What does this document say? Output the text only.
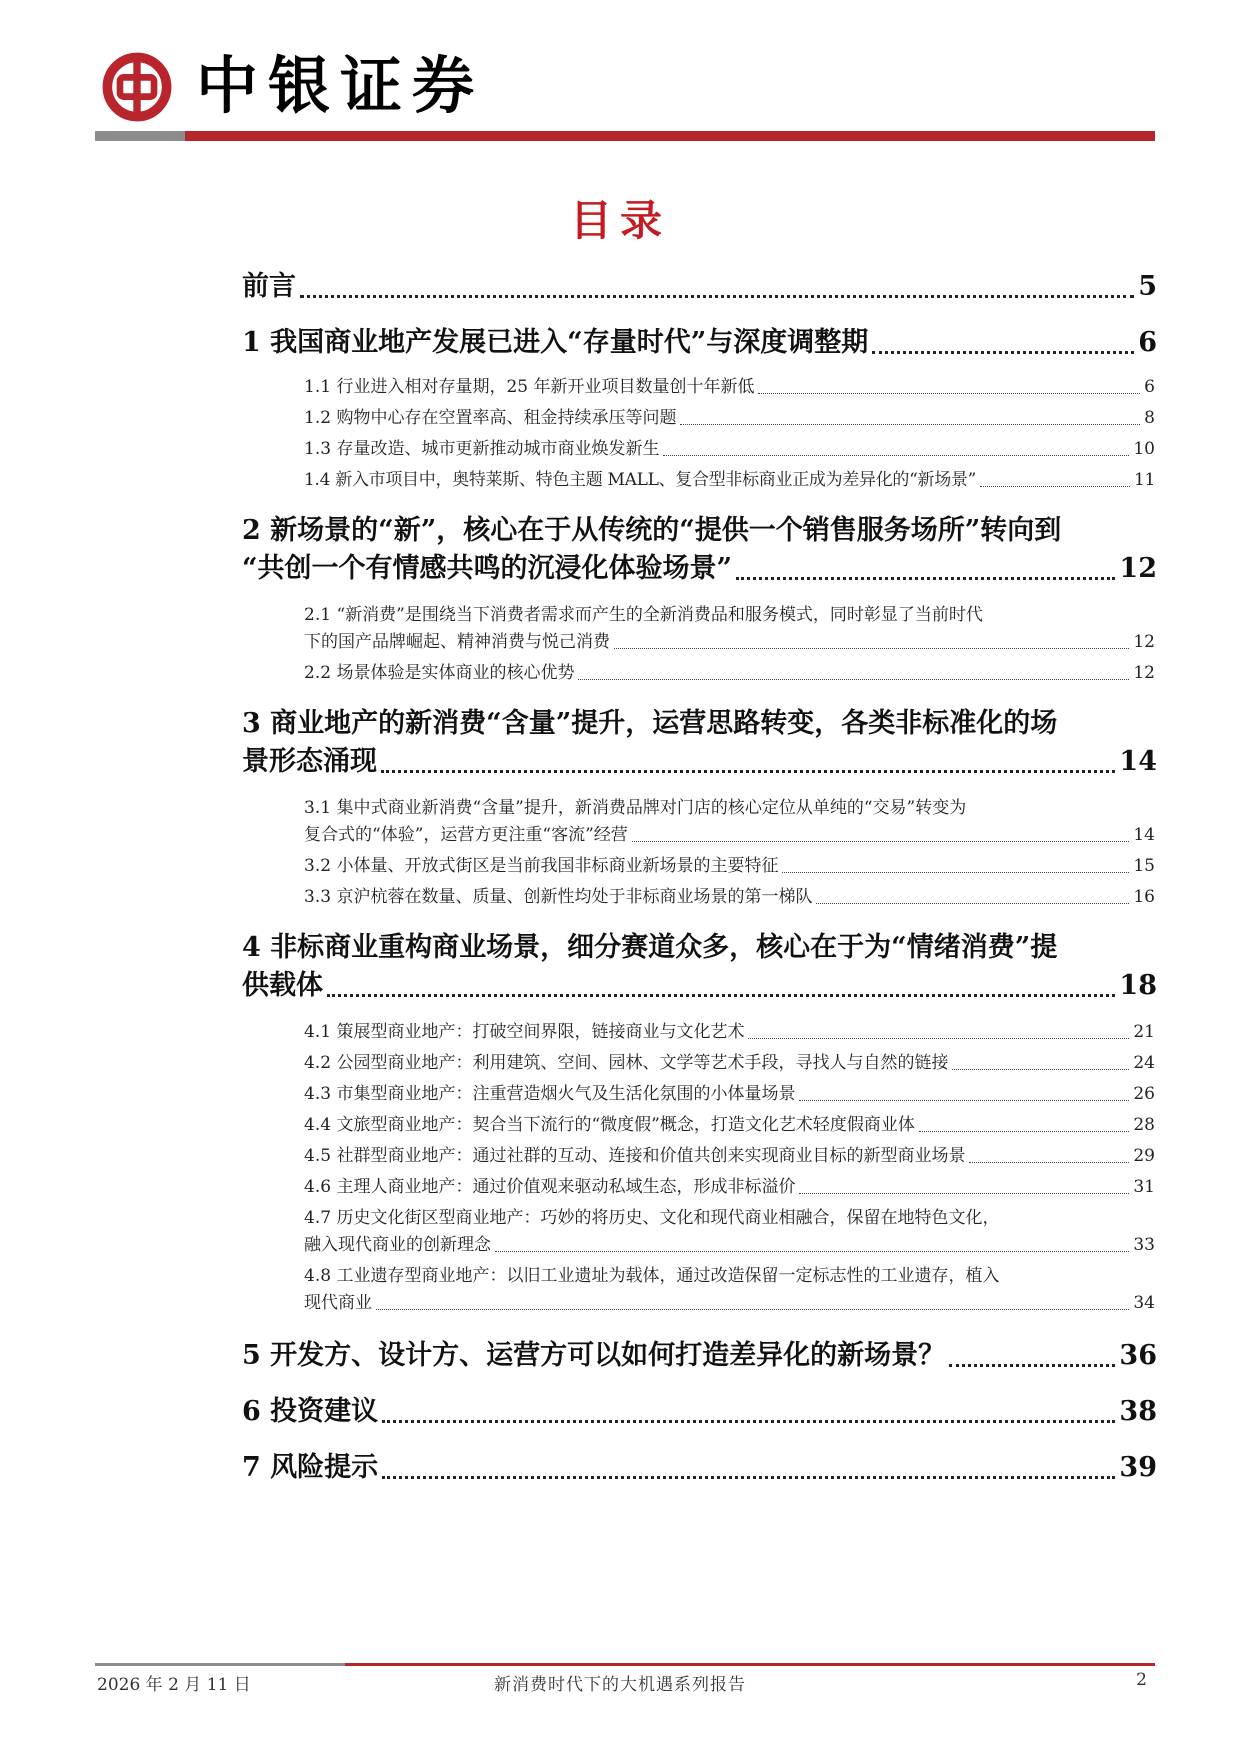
中银证券
目录
前言	5
1 我国商业地产发展已进入“存量时代”与深度调整期	6
1.1 行业进入相对存量期，25 年新开业项目数量创十年新低	6
1.2 购物中心存在空置率高、租金持续承压等问题	8
1.3 存量改造、城市更新推动城市商业焕发新生	10
1.4 新入市项目中，奥特莱斯、特色主题 MALL、复合型非标商业正成为差异化的“新场景”	11
2 新场景的“新”，核心在于从传统的“提供一个销售服务场所”转向到
“共创一个有情感共鸣的沉浸化体验场景”	12
2.1 “新消费”是围绕当下消费者需求而产生的全新消费品和服务模式，同时彰显了当前时代
下的国产品牌崛起、精神消费与悦己消费	12
2.2 场景体验是实体商业的核心优势	12
3 商业地产的新消费“含量”提升，运营思路转变，各类非标准化的场
景形态涌现	14
3.1 集中式商业新消费“含量”提升，新消费品牌对门店的核心定位从单纯的“交易”转变为
复合式的“体验”，运营方更注重“客流”经营	14
3.2 小体量、开放式街区是当前我国非标商业新场景的主要特征	15
3.3 京沪杭蓉在数量、质量、创新性均处于非标商业场景的第一梯队	16
4 非标商业重构商业场景，细分赛道众多，核心在于为“情绪消费”提
供载体	18
4.1 策展型商业地产：打破空间界限，链接商业与文化艺术	21
4.2 公园型商业地产：利用建筑、空间、园林、文学等艺术手段，寻找人与自然的链接	24
4.3 市集型商业地产：注重营造烟火气及生活化氛围的小体量场景	26
4.4 文旅型商业地产：契合当下流行的“微度假”概念，打造文化艺术轻度假商业体	28
4.5 社群型商业地产：通过社群的互动、连接和价值共创来实现商业目标的新型商业场景	29
4.6 主理人商业地产：通过价值观来驱动私域生态，形成非标溢价	31
4.7 历史文化街区型商业地产：巧妙的将历史、文化和现代商业相融合，保留在地特色文化，
融入现代商业的创新理念	33
4.8 工业遗存型商业地产：以旧工业遗址为载体，通过改造保留一定标志性的工业遗存，植入
现代商业	34
5 开发方、设计方、运营方可以如何打造差异化的新场景？	36
6 投资建议	38
7 风险提示	39
2026 年 2 月 11 日	新消费时代下的大机遇系列报告	2
